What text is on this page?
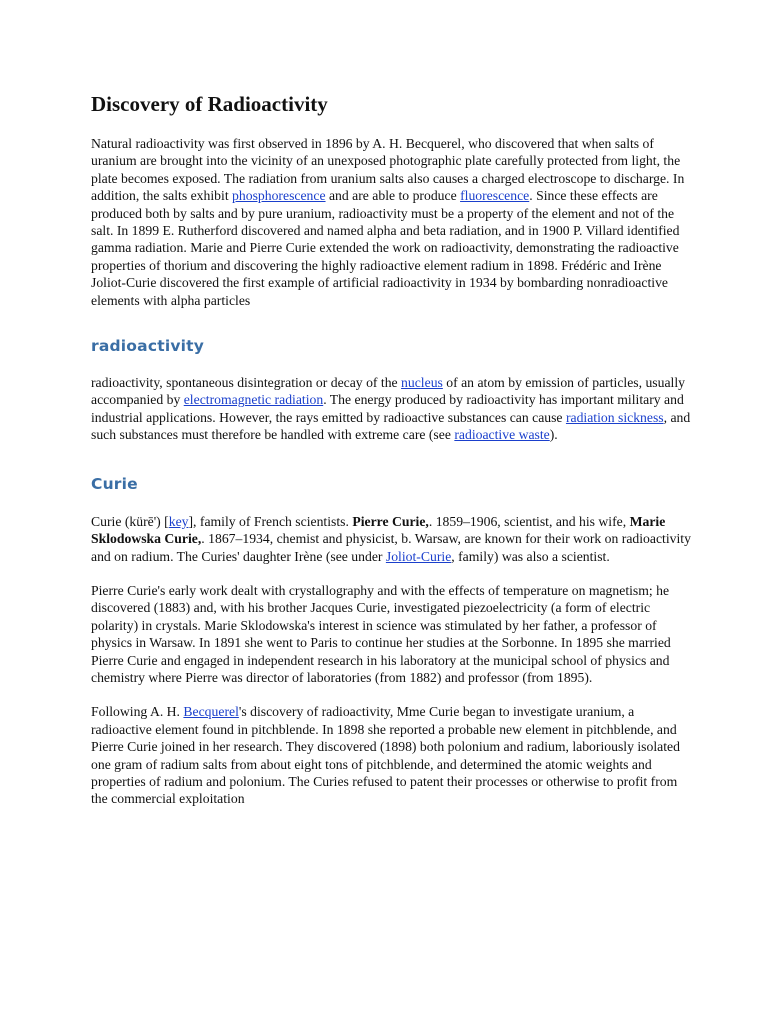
Discovery of Radioactivity

Natural radioactivity was first observed in 1896 by A. H. Becquerel, who discovered that when salts of uranium are brought into the vicinity of an unexposed photographic plate carefully protected from light, the plate becomes exposed. The radiation from uranium salts also causes a charged electroscope to discharge. In addition, the salts exhibit phosphorescence and are able to produce fluorescence. Since these effects are produced both by salts and by pure uranium, radioactivity must be a property of the element and not of the salt. In 1899 E. Rutherford discovered and named alpha and beta radiation, and in 1900 P. Villard identified gamma radiation. Marie and Pierre Curie extended the work on radioactivity, demonstrating the radioactive properties of thorium and discovering the highly radioactive element radium in 1898. Frédéric and Irène Joliot-Curie discovered the first example of artificial radioactivity in 1934 by bombarding nonradioactive elements with alpha particles

radioactivity

radioactivity, spontaneous disintegration or decay of the nucleus of an atom by emission of particles, usually accompanied by electromagnetic radiation. The energy produced by radioactivity has important military and industrial applications. However, the rays emitted by radioactive substances can cause radiation sickness, and such substances must therefore be handled with extreme care (see radioactive waste).

Curie

Curie (kürē') [key], family of French scientists. Pierre Curie,. 1859–1906, scientist, and his wife, Marie Sklodowska Curie,. 1867–1934, chemist and physicist, b. Warsaw, are known for their work on radioactivity and on radium. The Curies' daughter Irène (see under Joliot-Curie, family) was also a scientist.

Pierre Curie's early work dealt with crystallography and with the effects of temperature on magnetism; he discovered (1883) and, with his brother Jacques Curie, investigated piezoelectricity (a form of electric polarity) in crystals. Marie Sklodowska's interest in science was stimulated by her father, a professor of physics in Warsaw. In 1891 she went to Paris to continue her studies at the Sorbonne. In 1895 she married Pierre Curie and engaged in independent research in his laboratory at the municipal school of physics and chemistry where Pierre was director of laboratories (from 1882) and professor (from 1895).

Following A. H. Becquerel's discovery of radioactivity, Mme Curie began to investigate uranium, a radioactive element found in pitchblende. In 1898 she reported a probable new element in pitchblende, and Pierre Curie joined in her research. They discovered (1898) both polonium and radium, laboriously isolated one gram of radium salts from about eight tons of pitchblende, and determined the atomic weights and properties of radium and polonium. The Curies refused to patent their processes or otherwise to profit from the commercial exploitation
